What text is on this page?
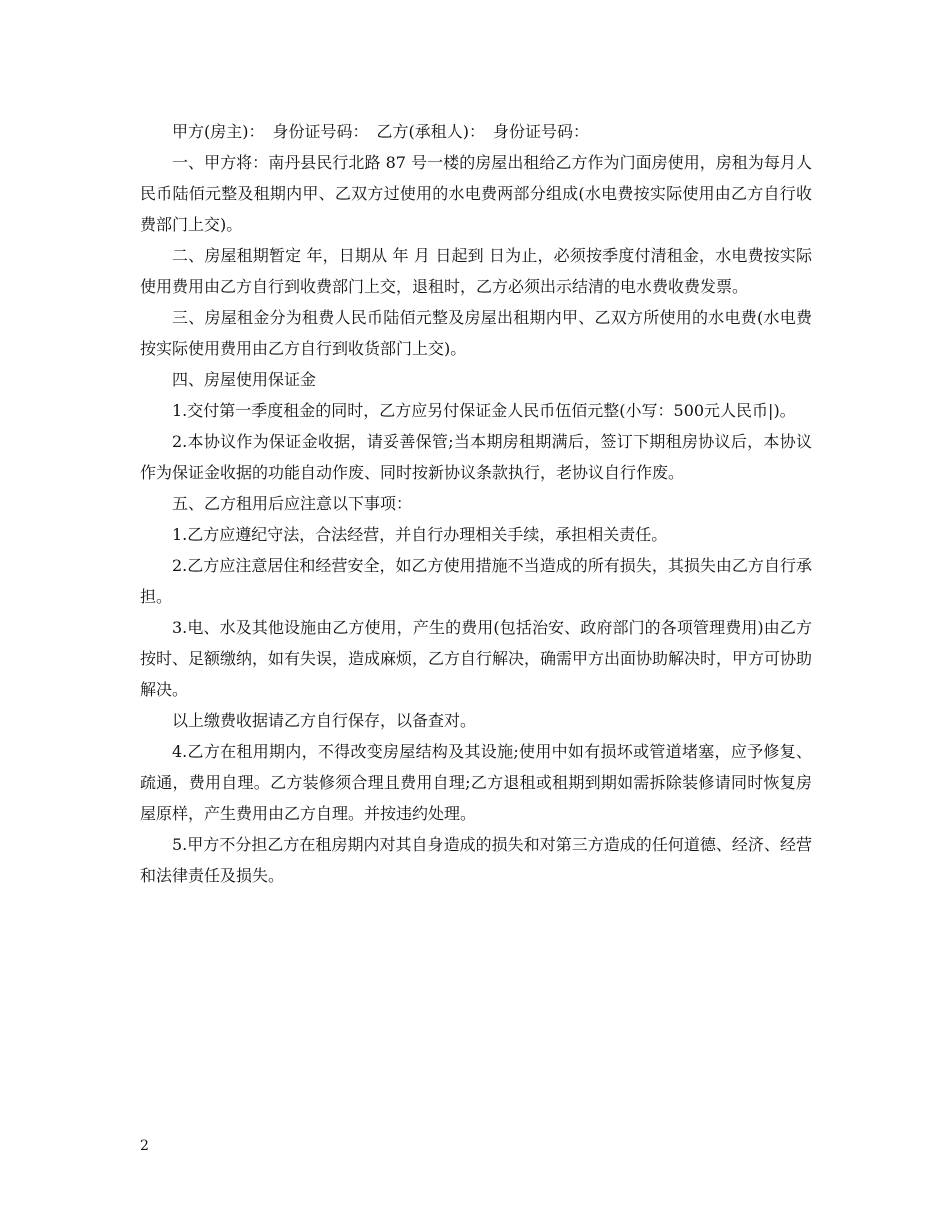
甲方(房主)：　身份证号码：　乙方(承租人)：　身份证号码：

一、甲方将：南丹县民行北路 87 号一楼的房屋出租给乙方作为门面房使用，房租为每月人民币陆佰元整及租期内甲、乙双方过使用的水电费两部分组成(水电费按实际使用由乙方自行收费部门上交)。

二、房屋租期暂定 年，日期从 年 月 日起到 日为止，必须按季度付清租金，水电费按实际使用费用由乙方自行到收费部门上交，退租时，乙方必须出示结清的电水费收费发票。

三、房屋租金分为租费人民币陆佰元整及房屋出租期内甲、乙双方所使用的水电费(水电费按实际使用费用由乙方自行到收货部门上交)。

四、房屋使用保证金

1.交付第一季度租金的同时，乙方应另付保证金人民币伍佰元整(小写：500元人民币|)。

2.本协议作为保证金收据，请妥善保管;当本期房租期满后，签订下期租房协议后，本协议作为保证金收据的功能自动作废、同时按新协议条款执行，老协议自行作废。

五、乙方租用后应注意以下事项：

1.乙方应遵纪守法，合法经营，并自行办理相关手续，承担相关责任。

2.乙方应注意居住和经营安全，如乙方使用措施不当造成的所有损失，其损失由乙方自行承担。

3.电、水及其他设施由乙方使用，产生的费用(包括治安、政府部门的各项管理费用)由乙方按时、足额缴纳，如有失误，造成麻烦，乙方自行解决，确需甲方出面协助解决时，甲方可协助解决。

以上缴费收据请乙方自行保存，以备查对。

4.乙方在租用期内，不得改变房屋结构及其设施;使用中如有损坏或管道堵塞，应予修复、疏通，费用自理。乙方装修须合理且费用自理;乙方退租或租期到期如需拆除装修请同时恢复房屋原样，产生费用由乙方自理。并按违约处理。

5.甲方不分担乙方在租房期内对其自身造成的损失和对第三方造成的任何道德、经济、经营和法律责任及损失。

2
